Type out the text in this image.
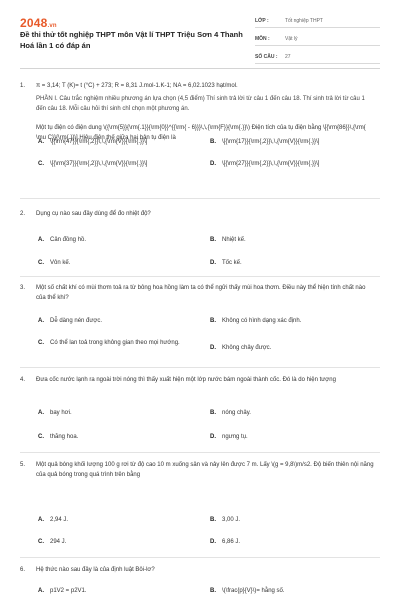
2048.vn
Đề thi thử tốt nghiệp THPT môn Vật lí THPT Triệu Sơn 4 Thanh Hoá lần 1 có đáp án
LỚP :	Tốt nghiệp THPT
MÔN :	Vật lý
SỐ CÂU :	27
1. π = 3,14; T (K)= t (°C) + 273; R = 8,31 J.mol-1.K-1; NA = 6,02.1023 hạt/mol.
PHẦN I. Câu trắc nghiệm nhiều phương án lựa chọn (4,5 điểm) Thí sinh trả lời từ câu 1 đến câu 18. Thí sinh trả lời từ câu 1 đến câu 18. Mỗi câu hỏi thí sinh chỉ chọn một phương án.
Một tụ điện có điện dung \({\rm{5}}{\rm{.1}}{\rm{0}}^{{\rm{ - 6}}}\,\,{\rm{F}}{\rm{.}}\) Điện tích của tụ điện bằng \[{\rm{86}}\,{\rm{ \mu C}}{\rm{.}}\] Hiệu điện thế giữa hai bản tụ điện là
A.	\[{\rm{47}}{\rm{,2}}\,\,{\rm{V}}{\rm{.}}\]	B.	\[{\rm{17}}{\rm{,2}}\,\,{\rm{V}}{\rm{.}}\]
C.	\[{\rm{37}}{\rm{,2}}\,\,{\rm{V}}{\rm{.}}\]	D.	\[{\rm{27}}{\rm{,2}}\,\,{\rm{V}}{\rm{.}}\]
2. Dụng cụ nào sau đây dùng để đo nhiệt độ?
A.	Cân đồng hồ.	B.	Nhiệt kế.
C.	Vôn kế.	D.	Tốc kế.
3. Một số chất khí có mùi thơm toả ra từ bông hoa hồng làm ta có thể ngửi thấy mùi hoa thơm. Điều này thể hiện tính chất nào của thể khí?
A.	Dễ dàng nén được.	B.	Không có hình dạng xác định.
C.	Có thể lan toả trong không gian theo mọi hướng.
D.	Không chảy được.
4. Đưa cốc nước lạnh ra ngoài trời nóng thì thấy xuất hiện một lớp nước bám ngoài thành cốc. Đó là do hiện tượng
A.	bay hơi.	B.	nóng chảy.
C.	thăng hoa.	D.	ngưng tụ.
5. Một quả bóng khối lượng 100 g rơi từ độ cao 10 m xuống sân và nảy lên được 7 m. Lấy \(g = 9,8\)m/s2. Độ biến thiên nội năng của quả bóng trong quá trình trên bằng
A.	2,94 J.	B.	3,00 J.
C.	294 J.	D.	6,86 J.
6. Hệ thức nào sau đây là của định luật Bôi-lơ?
A.	p1V2 = p2V1.	B.	\(\frac{p}{V}\)= hằng số.
